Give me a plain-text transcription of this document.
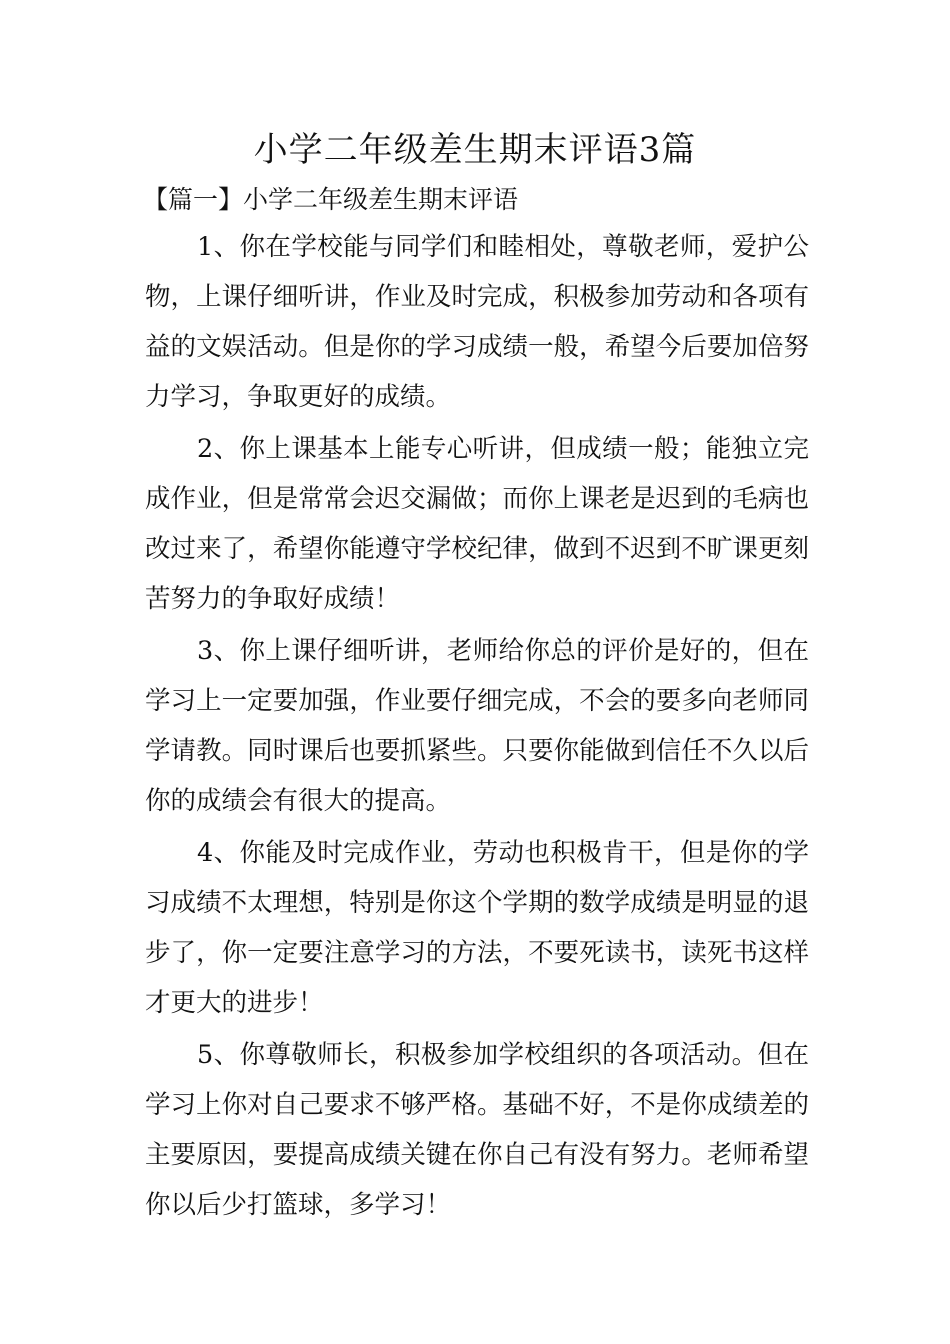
小学二年级差生期末评语3篇
【篇一】小学二年级差生期末评语

1、你在学校能与同学们和睦相处，尊敬老师，爱护公物，上课仔细听讲，作业及时完成，积极参加劳动和各项有益的文娱活动。但是你的学习成绩一般，希望今后要加倍努力学习，争取更好的成绩。

2、你上课基本上能专心听讲，但成绩一般；能独立完成作业，但是常常会迟交漏做；而你上课老是迟到的毛病也改过来了，希望你能遵守学校纪律，做到不迟到不旷课更刻苦努力的争取好成绩！

3、你上课仔细听讲，老师给你总的评价是好的，但在学习上一定要加强，作业要仔细完成，不会的要多向老师同学请教。同时课后也要抓紧些。只要你能做到信任不久以后你的成绩会有很大的提高。

4、你能及时完成作业，劳动也积极肯干，但是你的学习成绩不太理想，特别是你这个学期的数学成绩是明显的退步了，你一定要注意学习的方法，不要死读书，读死书这样才更大的进步！

5、你尊敬师长，积极参加学校组织的各项活动。但在学习上你对自己要求不够严格。基础不好，不是你成绩差的主要原因，要提高成绩关键在你自己有没有努力。老师希望你以后少打篮球，多学习！
